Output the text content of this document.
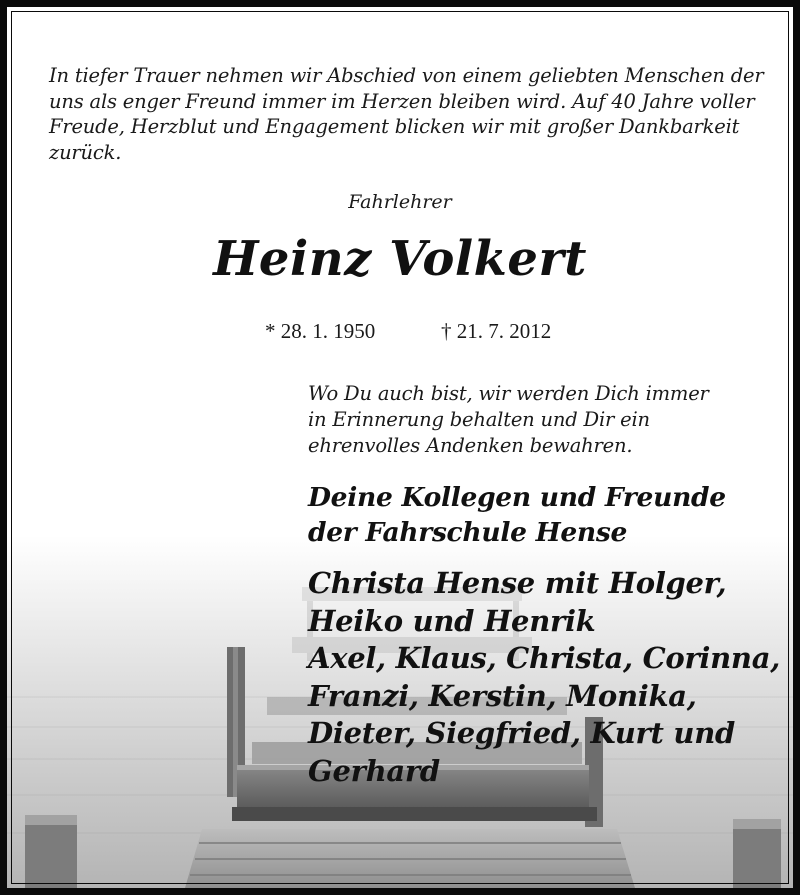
In tiefer Trauer nehmen wir Abschied von einem geliebten Menschen der
uns als enger Freund immer im Herzen bleiben wird. Auf 40 Jahre voller
Freude, Herzblut und Engagement blicken wir mit großer Dankbarkeit
zurück.
Fahrlehrer
Heinz Volkert
* 28. 1. 1950	† 21. 7. 2012
Wo Du auch bist, wir werden Dich immer
in Erinnerung behalten und Dir ein
ehrenvolles Andenken bewahren.
Deine Kollegen und Freunde
der Fahrschule Hense
Christa Hense mit Holger,
Heiko und Henrik
Axel, Klaus, Christa, Corinna,
Franzi, Kerstin, Monika,
Dieter, Siegfried, Kurt und
Gerhard
